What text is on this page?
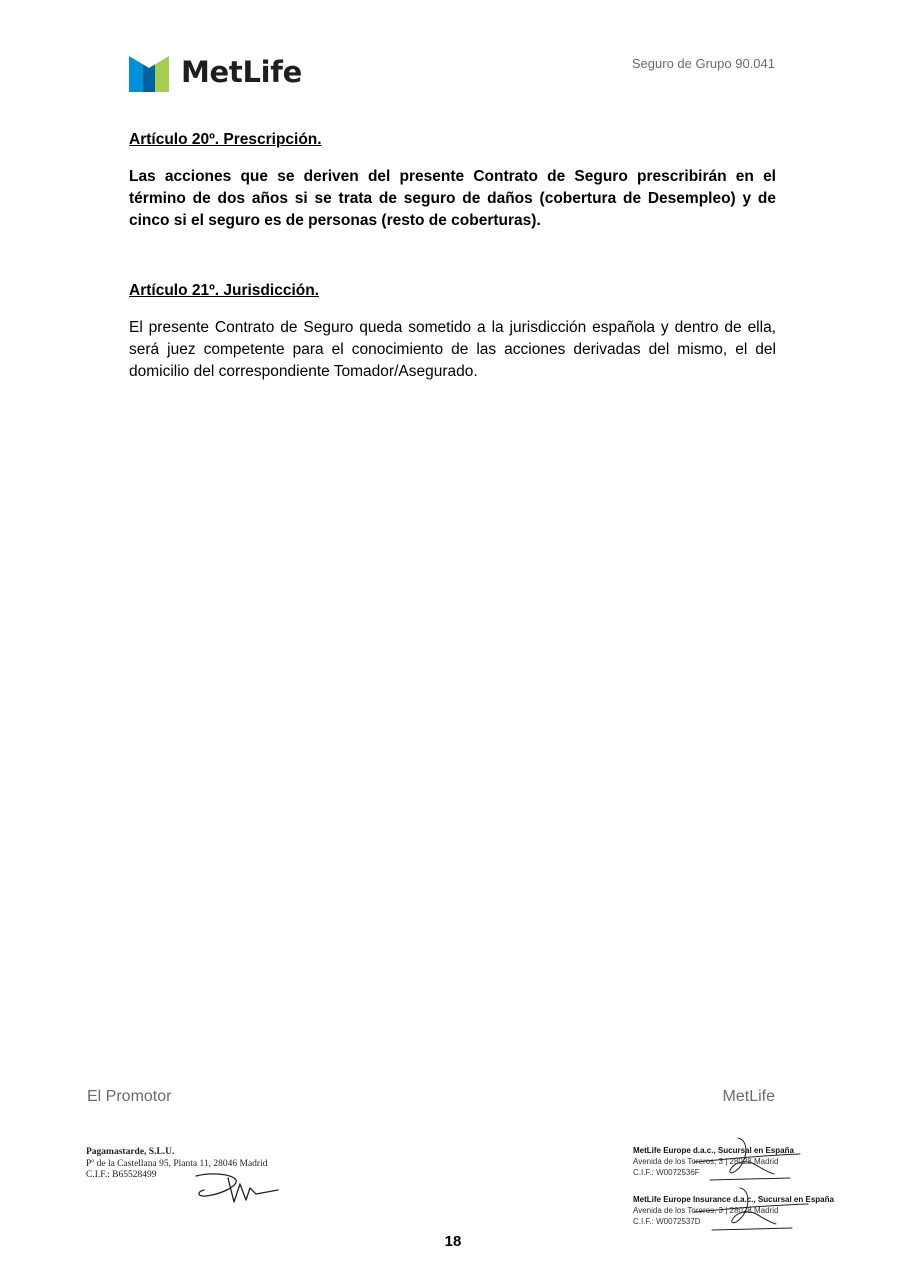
MetLife	Seguro de Grupo 90.041
Artículo 20º. Prescripción.

Las acciones que se deriven del presente Contrato de Seguro prescribirán en el término de dos años si se trata de seguro de daños (cobertura de Desempleo) y de cinco si el seguro es de personas (resto de coberturas).

Artículo 21º. Jurisdicción.

El presente Contrato de Seguro queda sometido a la jurisdicción española y dentro de ella, será juez competente para el conocimiento de las acciones derivadas del mismo, el del domicilio del correspondiente Tomador/Asegurado.

El Promotor	MetLife
Pagamastarde, S.L.U.
Pº de la Castellana 95, Planta 11, 28046 Madrid
C.I.F.: B65528499
MetLife Europe d.a.c., Sucursal en España
Avenida de los Toreros, 3 | 28028 Madrid
C.I.F.: W0072536F
MetLife Europe Insurance d.a.c., Sucursal en España
Avenida de los Toreros, 3 | 28028 Madrid
C.I.F.: W0072537D
18
